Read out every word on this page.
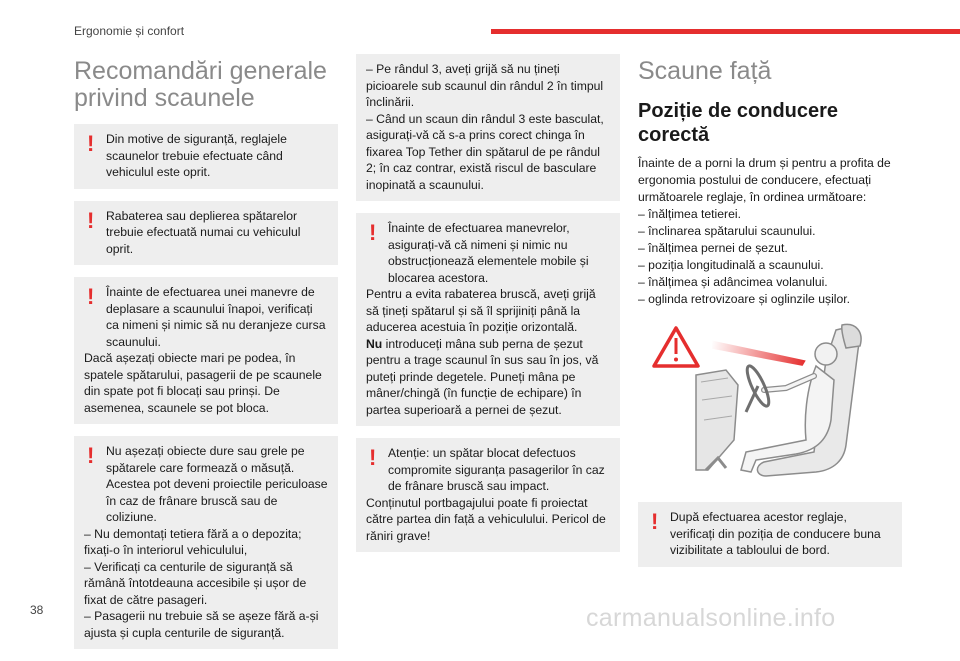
Ergonomie și confort
Recomandări generale privind scaunele

! Din motive de siguranță, reglajele scaunelor trebuie efectuate când vehiculul este oprit.

! Rabaterea sau deplierea spătarelor trebuie efectuată numai cu vehiculul oprit.

! Înainte de efectuarea unei manevre de deplasare a scaunului înapoi, verificați ca nimeni și nimic să nu deranjeze cursa scaunului.

Dacă așezați obiecte mari pe podea, în spatele spătarului, pasagerii de pe scaunele din spate pot fi blocați sau prinși. De asemenea, scaunele se pot bloca.

! Nu așezați obiecte dure sau grele pe spătarele care formează o măsuță. Acestea pot deveni proiectile periculoase în caz de frânare bruscă sau de coliziune.

– Nu demontați tetiera fără a o depozita; fixați-o în interiorul vehiculului,

– Verificați ca centurile de siguranță să rămână întotdeauna accesibile și ușor de fixat de către pasageri.

– Pasagerii nu trebuie să se așeze fără a-și ajusta și cupla centurile de siguranță.

– Pe rândul 3, aveți grijă să nu țineți picioarele sub scaunul din rândul 2 în timpul înclinării.

– Când un scaun din rândul 3 este basculat, asigurați-vă că s-a prins corect chinga în fixarea Top Tether din spătarul de pe rândul 2; în caz contrar, există riscul de basculare inopinată a scaunului.

! Înainte de efectuarea manevrelor, asigurați-vă că nimeni și nimic nu obstrucționează elementele mobile și blocarea acestora.

Pentru a evita rabaterea bruscă, aveți grijă să țineți spătarul și să îl sprijiniți până la aducerea acestuia în poziție orizontală.

Nu introduceți mâna sub perna de șezut pentru a trage scaunul în sus sau în jos, vă puteți prinde degetele. Puneți mâna pe mâner/chingă (în funcție de echipare) în partea superioară a pernei de șezut.

! Atenție: un spătar blocat defectuos compromite siguranța pasagerilor în caz de frânare bruscă sau impact.

Conținutul portbagajului poate fi proiectat către partea din față a vehiculului. Pericol de răniri grave!

Scaune față
Poziție de conducere corectă

Înainte de a porni la drum și pentru a profita de ergonomia postului de conducere, efectuați următoarele reglaje, în ordinea următoare:

– înălțimea tetierei.

– înclinarea spătarului scaunului.

– înălțimea pernei de șezut.

– poziția longitudinală a scaunului.

– înălțimea și adâncimea volanului.

– oglinda retrovizoare și oglinzile ușilor.

! După efectuarea acestor reglaje, verificați din poziția de conducere buna vizibilitate a tabloului de bord.

38	carmanualsonline.info
